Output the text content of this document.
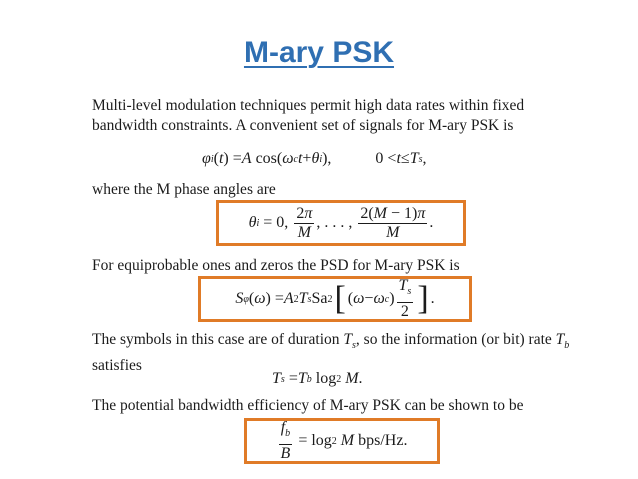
M-ary PSK
Multi-level modulation techniques permit high data rates within fixed
bandwidth constraints. A convenient set of signals for M-ary PSK is
φ i ( t ) = A cos( ω c t + θ i ),	0 < t ≤ T s ,
where the M phase angles are
θ i = 0, $\frac{2\pi}{M}$ , . . . , $\frac{2(M - 1)\pi}{M}$ .
For equiprobable ones and zeros the PSD for M-ary PSK is
S φ ( ω ) = A 2 T s Sa 2 [ ( ω − ω c ) $\frac{T_s}{2}$ ] .
The symbols in this case are of duration $T_s$, so the information (or bit) rate $T_b$
satisfies
T s = T b log 2
M .
The potential bandwidth efficiency of M-ary PSK can be shown to be
$\frac{f_b}{B} = \log 2$
M bps/Hz.
